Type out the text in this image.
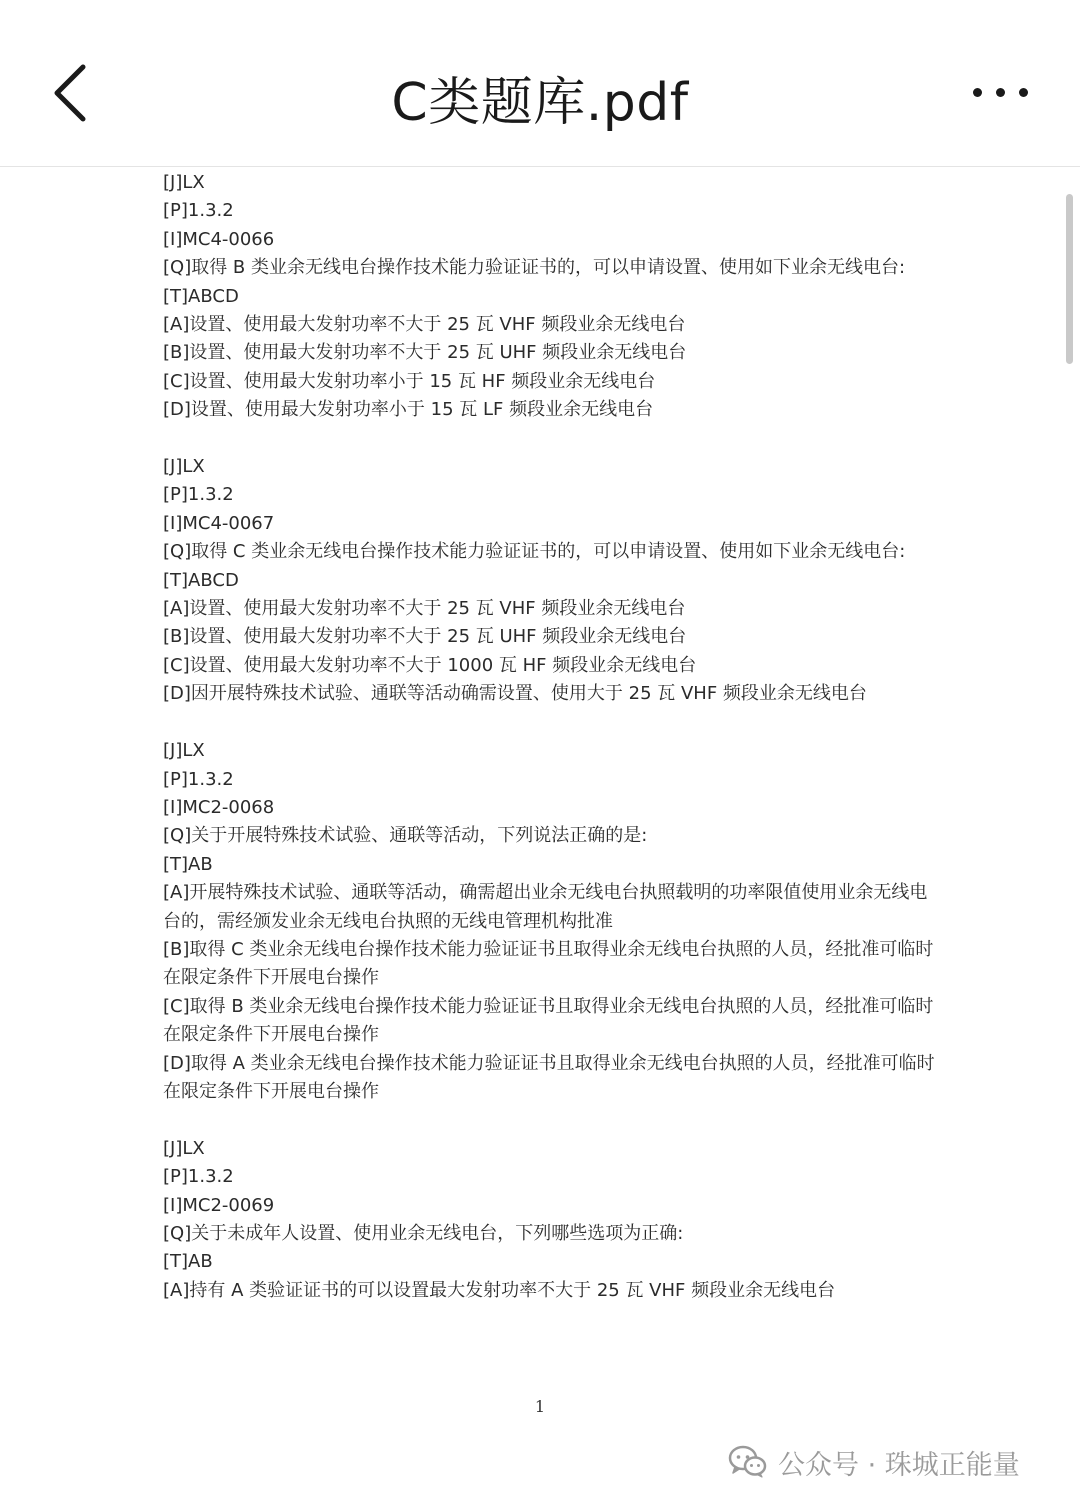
C类题库.pdf
[J]LX
[P]1.3.2
[I]MC4-0066
[Q]取得 B 类业余无线电台操作技术能力验证证书的，可以申请设置、使用如下业余无线电台:
[T]ABCD
[A]设置、使用最大发射功率不大于 25 瓦 VHF 频段业余无线电台
[B]设置、使用最大发射功率不大于 25 瓦 UHF 频段业余无线电台
[C]设置、使用最大发射功率小于 15 瓦 HF 频段业余无线电台
[D]设置、使用最大发射功率小于 15 瓦 LF 频段业余无线电台
[J]LX
[P]1.3.2
[I]MC4-0067
[Q]取得 C 类业余无线电台操作技术能力验证证书的，可以申请设置、使用如下业余无线电台:
[T]ABCD
[A]设置、使用最大发射功率不大于 25 瓦 VHF 频段业余无线电台
[B]设置、使用最大发射功率不大于 25 瓦 UHF 频段业余无线电台
[C]设置、使用最大发射功率不大于 1000 瓦 HF 频段业余无线电台
[D]因开展特殊技术试验、通联等活动确需设置、使用大于 25 瓦 VHF 频段业余无线电台
[J]LX
[P]1.3.2
[I]MC2-0068
[Q]关于开展特殊技术试验、通联等活动，下列说法正确的是:
[T]AB
[A]开展特殊技术试验、通联等活动，确需超出业余无线电台执照载明的功率限值使用业余无线电台的，需经颁发业余无线电台执照的无线电管理机构批准
[B]取得 C 类业余无线电台操作技术能力验证证书且取得业余无线电台执照的人员，经批准可临时在限定条件下开展电台操作
[C]取得 B 类业余无线电台操作技术能力验证证书且取得业余无线电台执照的人员，经批准可临时在限定条件下开展电台操作
[D]取得 A 类业余无线电台操作技术能力验证证书且取得业余无线电台执照的人员，经批准可临时在限定条件下开展电台操作
[J]LX
[P]1.3.2
[I]MC2-0069
[Q]关于未成年人设置、使用业余无线电台，下列哪些选项为正确:
[T]AB
[A]持有 A 类验证证书的可以设置最大发射功率不大于 25 瓦 VHF 频段业余无线电台
1
公众号 · 珠城正能量
